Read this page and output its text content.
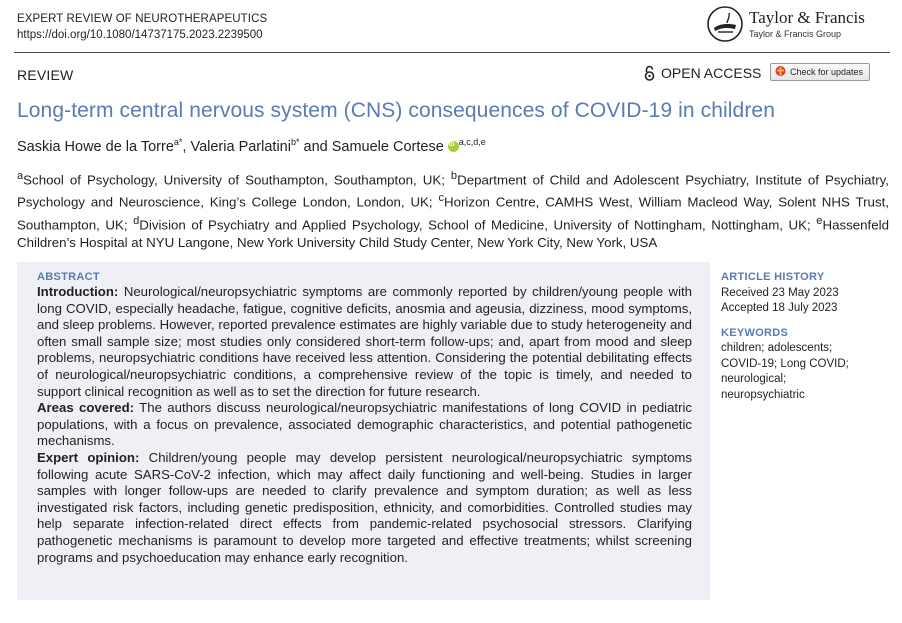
EXPERT REVIEW OF NEUROTHERAPEUTICS
https://doi.org/10.1080/14737175.2023.2239500
Taylor & Francis
Taylor & Francis Group
REVIEW	OPEN ACCESS	Check for updates
Long-term central nervous system (CNS) consequences of COVID-19 in children
Saskia Howe de la Torre$^{a*}$, Valeria Parlatini$^{b*}$ and Samuele CorteseiD $^{a,c,d,e}$

$^a$School of Psychology, University of Southampton, Southampton, UK; $^b$Department of Child and Adolescent Psychiatry, Institute of Psychiatry, Psychology and Neuroscience, King’s College London, London, UK; $^c$Horizon Centre, CAMHS West, William Macleod Way, Solent NHS Trust, Southampton, UK; $^d$Division of Psychiatry and Applied Psychology, School of Medicine, University of Nottingham, Nottingham, UK; $^e$Hassenfeld Children’s Hospital at NYU Langone, New York University Child Study Center, New York City, New York, USA

ABSTRACT

Introduction: Neurological/neuropsychiatric symptoms are commonly reported by children/young people with long COVID, especially headache, fatigue, cognitive deficits, anosmia and ageusia, dizziness, mood symptoms, and sleep problems. However, reported prevalence estimates are highly variable due to study heterogeneity and often small sample size; most studies only considered short-term follow-ups; and, apart from mood and sleep problems, neuropsychiatric conditions have received less attention. Considering the potential debilitating effects of neurological/neuropsychiatric conditions, a comprehensive review of the topic is timely, and needed to support clinical recognition as well as to set the direction for future research.

Areas covered: The authors discuss neurological/neuropsychiatric manifestations of long COVID in pediatric populations, with a focus on prevalence, associated demographic characteristics, and potential pathogenetic mechanisms.

Expert opinion: Children/young people may develop persistent neurological/neuropsychiatric symptoms following acute SARS-CoV-2 infection, which may affect daily functioning and well-being. Studies in larger samples with longer follow-ups are needed to clarify prevalence and symptom duration; as well as less investigated risk factors, including genetic predisposition, ethnicity, and comorbidities. Controlled studies may help separate infection-related direct effects from pandemic-related psychosocial stressors. Clarifying pathogenetic mechanisms is paramount to develop more targeted and effective treatments; whilst screening programs and psychoeducation may enhance early recognition.

ARTICLE HISTORY

Received 23 May 2023

Accepted 18 July 2023

KEYWORDS

children; adolescents;

COVID-19; Long COVID;

neurological;

neuropsychiatric
